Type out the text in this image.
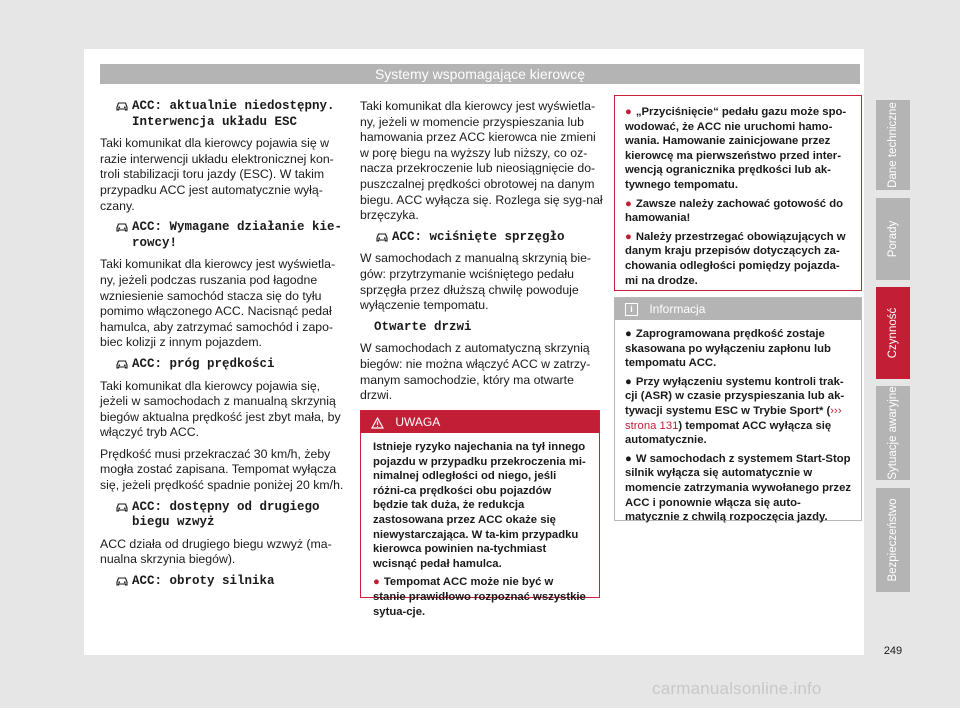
Systemy wspomagające kierowcę
ACC: aktualnie niedostępny. Interwencja układu ESC

Taki komunikat dla kierowcy pojawia się w razie interwencji układu elektronicznej kon-troli stabilizacji toru jazdy (ESC). W takim przypadku ACC jest automatycznie wyłą-czany.

ACC: Wymagane działanie kie-rowcy!

Taki komunikat dla kierowcy jest wyświetla-ny, jeżeli podczas ruszania pod łagodne wzniesienie samochód stacza się do tyłu pomimo włączonego ACC. Nacisnąć pedał hamulca, aby zatrzymać samochód i zapo-biec kolizji z innym pojazdem.

ACC: próg prędkości

Taki komunikat dla kierowcy pojawia się, jeżeli w samochodach z manualną skrzynią biegów aktualna prędkość jest zbyt mała, by włączyć tryb ACC.

Prędkość musi przekraczać 30 km/h, żeby mogła zostać zapisana. Tempomat wyłącza się, jeżeli prędkość spadnie poniżej 20 km/h.

ACC: dostępny od drugiego biegu wzwyż

ACC działa od drugiego biegu wzwyż (ma-nualna skrzynia biegów).

ACC: obroty silnika

Taki komunikat dla kierowcy jest wyświetla-ny, jeżeli w momencie przyspieszania lub hamowania przez ACC kierowca nie zmieni w porę biegu na wyższy lub niższy, co oz-nacza przekroczenie lub nieosiągnięcie do-puszczalnej prędkości obrotowej na danym biegu. ACC wyłącza się. Rozlega się syg-nał brzęczyka.

ACC: wciśnięte sprzęgło

W samochodach z manualną skrzynią bie-gów: przytrzymanie wciśniętego pedału sprzęgła przez dłuższą chwilę powoduje wyłączenie tempomatu.

Otwarte drzwi

W samochodach z automatyczną skrzynią biegów: nie można włączyć ACC w zatrzy-manym samochodzie, który ma otwarte drzwi.

UWAGA

Istnieje ryzyko najechania na tył innego pojazdu w przypadku przekroczenia mi-nimalnej odległości od niego, jeśli różni-ca prędkości obu pojazdów będzie tak duża, że redukcja zastosowana przez ACC okaże się niewystarczająca. W ta-kim przypadku kierowca powinien na-tychmiast wcisnąć pedał hamulca.

● Tempomat ACC może nie być w stanie prawidłowo rozpoznać wszystkie sytua-cje.

● „Przyciśnięcie“ pedału gazu może spo-wodować, że ACC nie uruchomi hamo-wania. Hamowanie zainicjowane przez kierowcę ma pierwszeństwo przed inter-wencją ogranicznika prędkości lub ak-tywnego tempomatu.

● Zawsze należy zachować gotowość do hamowania!

● Należy przestrzegać obowiązujących w danym kraju przepisów dotyczących za-chowania odległości pomiędzy pojazda-mi na drodze.

i Informacja

● Zaprogramowana prędkość zostaje skasowana po wyłączeniu zapłonu lub tempomatu ACC.

● Przy wyłączeniu systemu kontroli trak-cji (ASR) w czasie przyspieszania lub ak-tywacji systemu ESC w Trybie Sport* (››› strona 131) tempomat ACC wyłącza się automatycznie.

● W samochodach z systemem Start-Stop silnik wyłącza się automatycznie w momencie zatrzymania wywołanego przez ACC i ponownie włącza się auto-matycznie z chwilą rozpoczęcia jazdy.

Dane techniczne
Porady
Czynność
Sytuacje awaryjne
Bezpieczeństwo
249
carmanualsonline.info
